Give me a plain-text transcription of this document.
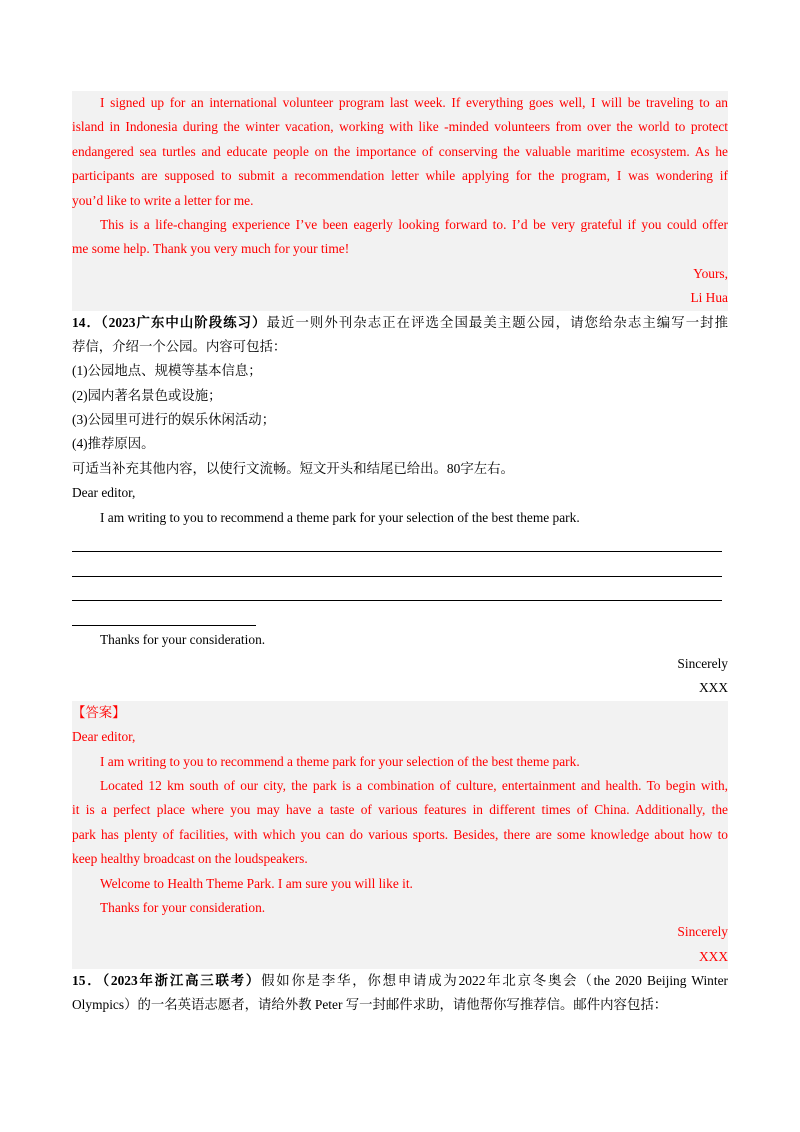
I signed up for an international volunteer program last week. If everything goes well, I will be traveling to an
island in Indonesia during the winter vacation, working with like -minded volunteers from over the world to protect
endangered sea turtles and educate people on the importance of conserving the valuable maritime ecosystem. As he
participants are supposed to submit a recommendation letter while applying for the program, I was wondering if
you’d like to write a letter for me.
This is a life-changing experience I’ve been eagerly looking forward to. I’d be very grateful if you could offer
me some help. Thank you very much for your time!
Yours,
Li Hua
14．（2023广东中山阶段练习）最近一则外刊杂志正在评选全国最美主题公园，请您给杂志主编写一封推
荐信，介绍一个公园。内容可包括：
(1)公园地点、规模等基本信息；
(2)园内著名景色或设施；
(3)公园里可进行的娱乐休闲活动；
(4)推荐原因。
可适当补充其他内容，以使行文流畅。短文开头和结尾已给出。80字左右。
Dear editor,
I am writing to you to recommend a theme park for your selection of the best theme park.
Thanks for your consideration.
Sincerely
XXX
【答案】
Dear editor,
I am writing to you to recommend a theme park for your selection of the best theme park.
Located 12 km south of our city, the park is a combination of culture, entertainment and health. To begin with,
it is a perfect place where you may have a taste of various features in different times of China. Additionally, the
park has plenty of facilities, with which you can do various sports. Besides, there are some knowledge about how to
keep healthy broadcast on the loudspeakers.
Welcome to Health Theme Park. I am sure you will like it.
Thanks for your consideration.
Sincerely
XXX
15．（2023年浙江高三联考）假如你是李华，你想申请成为2022年北京冬奥会（the 2020 Beijing Winter
Olympics）的一名英语志愿者，请给外教 Peter 写一封邮件求助，请他帮你写推荐信。邮件内容包括：
